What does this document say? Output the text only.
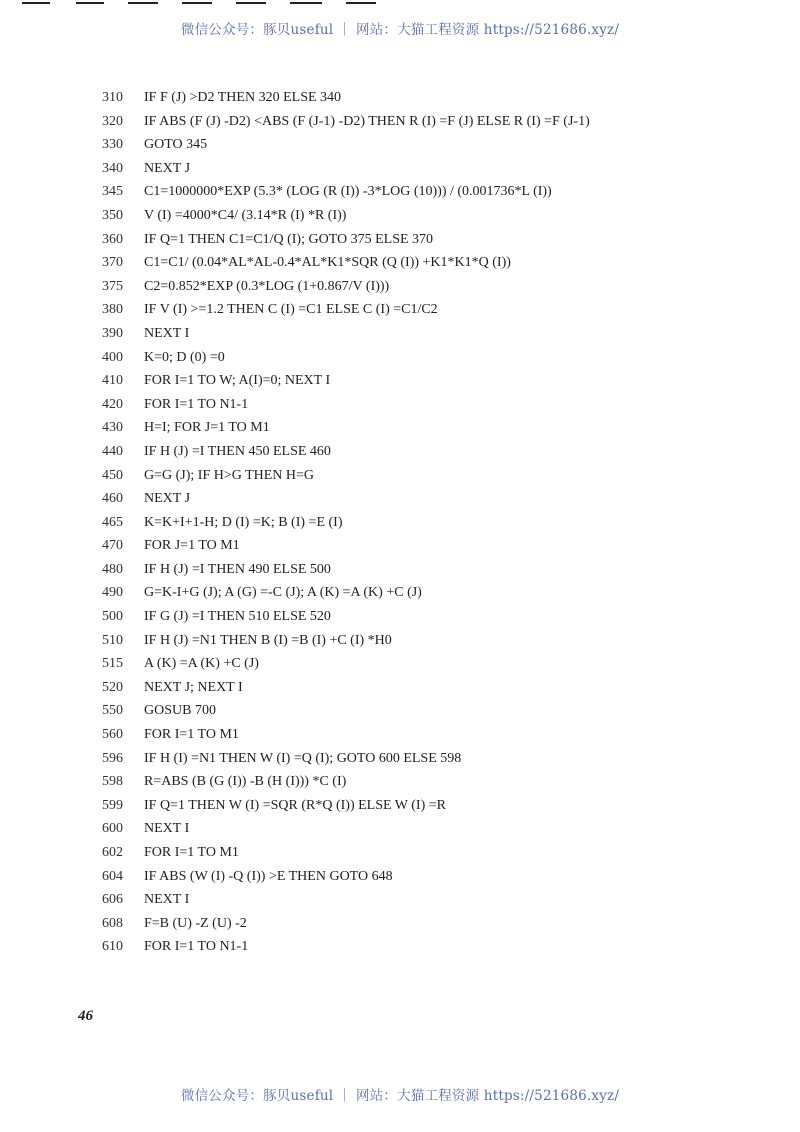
微信公众号：豚贝useful ｜ 网站：大猫工程资源 https://521686.xyz/
310	IF F (J) >D2 THEN 320 ELSE 340
320	IF ABS (F (J) -D2) <ABS (F (J-1) -D2) THEN R (I) =F (J) ELSE R (I) =F (J-1)
330	GOTO 345
340	NEXT J
345	C1=1000000*EXP (5.3* (LOG (R (I)) -3*LOG (10))) / (0.001736*L (I))
350	V (I) =4000*C4/ (3.14*R (I) *R (I))
360	IF Q=1 THEN C1=C1/Q (I); GOTO 375 ELSE 370
370	C1=C1/ (0.04*AL*AL-0.4*AL*K1*SQR (Q (I)) +K1*K1*Q (I))
375	C2=0.852*EXP (0.3*LOG (1+0.867/V (I)))
380	IF V (I) >=1.2 THEN C (I) =C1 ELSE C (I) =C1/C2
390	NEXT I
400	K=0; D (0) =0
410	FOR I=1 TO W; A(I)=0; NEXT I
420	FOR I=1 TO N1-1
430	H=I; FOR J=1 TO M1
440	IF H (J) =I THEN 450 ELSE 460
450	G=G (J); IF H>G THEN H=G
460	NEXT J
465	K=K+I+1-H; D (I) =K; B (I) =E (I)
470	FOR J=1 TO M1
480	IF H (J) =I THEN 490 ELSE 500
490	G=K-I+G (J); A (G) =-C (J); A (K) =A (K) +C (J)
500	IF G (J) =I THEN 510 ELSE 520
510	IF H (J) =N1 THEN B (I) =B (I) +C (I) *H0
515	A (K) =A (K) +C (J)
520	NEXT J; NEXT I
550	GOSUB 700
560	FOR I=1 TO M1
596	IF H (I) =N1 THEN W (I) =Q (I); GOTO 600 ELSE 598
598	R=ABS (B (G (I)) -B (H (I))) *C (I)
599	IF Q=1 THEN W (I) =SQR (R*Q (I)) ELSE W (I) =R
600	NEXT I
602	FOR I=1 TO M1
604	IF ABS (W (I) -Q (I)) >E THEN GOTO 648
606	NEXT I
608	F=B (U) -Z (U) -2
610	FOR I=1 TO N1-1
46
微信公众号：豚贝useful ｜ 网站：大猫工程资源 https://521686.xyz/
